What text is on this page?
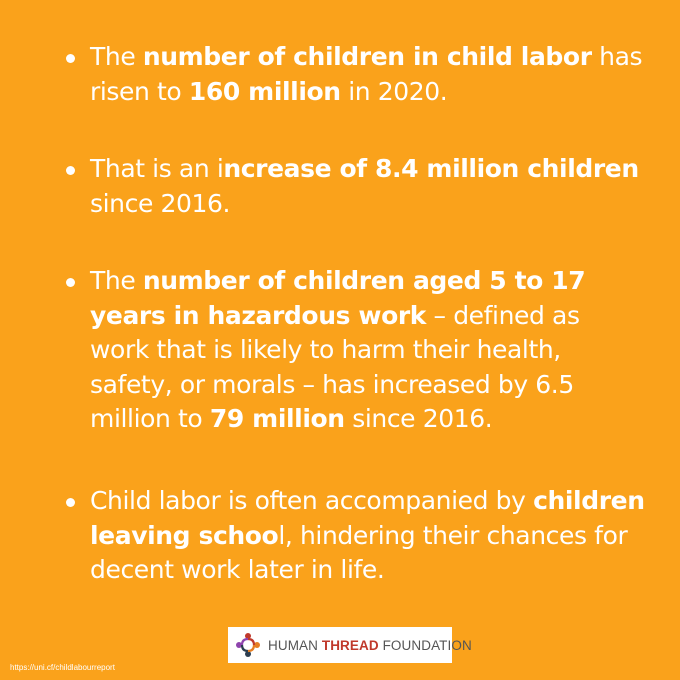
The number of children in child labor has risen to 160 million in 2020.
That is an increase of 8.4 million children since 2016.
The number of children aged 5 to 17 years in hazardous work – defined as work that is likely to harm their health, safety, or morals – has increased by 6.5 million to 79 million since 2016.
Child labor is often accompanied by children leaving school, hindering their chances for decent work later in life.
HUMAN THREAD FOUNDATION
https://uni.cf/childlabourreport
